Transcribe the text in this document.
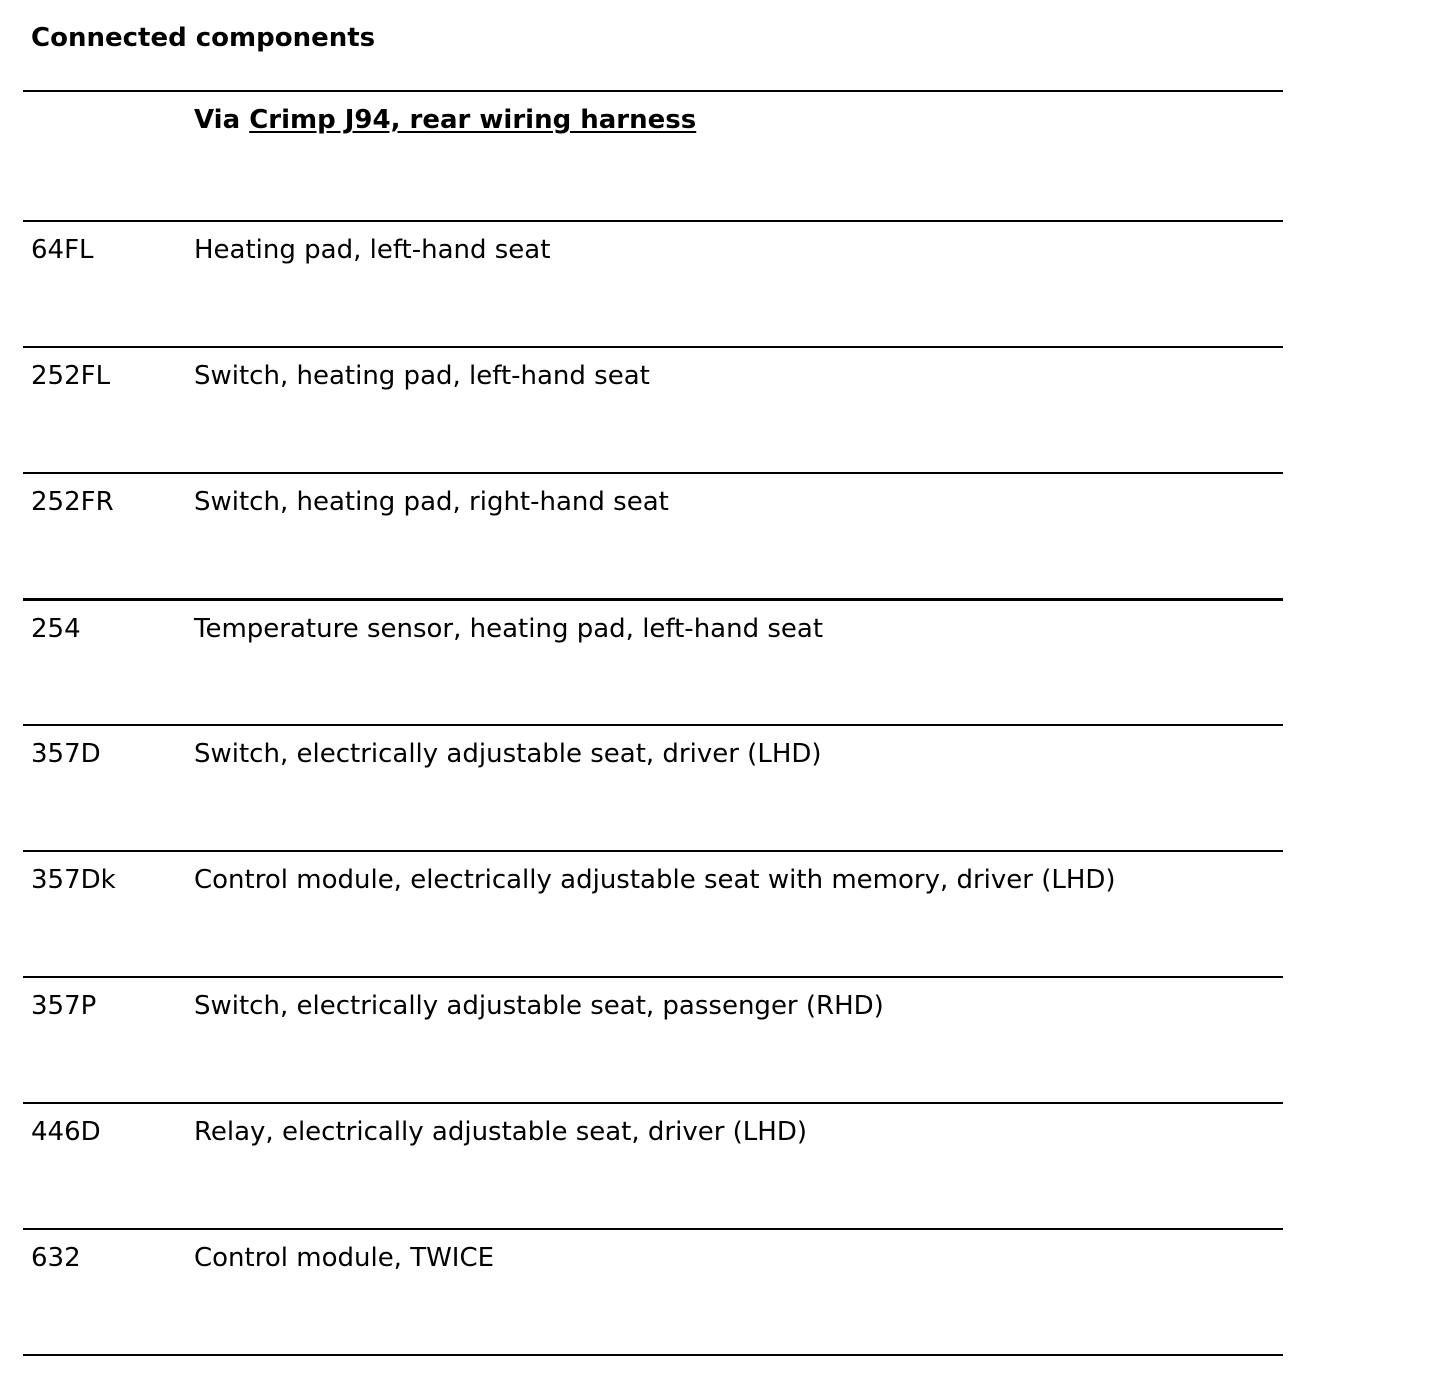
Connected components
Via Crimp J94, rear wiring harness
64FL	Heating pad, left-hand seat
252FL	Switch, heating pad, left-hand seat
252FR	Switch, heating pad, right-hand seat
254	Temperature sensor, heating pad, left-hand seat
357D	Switch, electrically adjustable seat, driver (LHD)
357Dk	Control module, electrically adjustable seat with memory, driver (LHD)
357P	Switch, electrically adjustable seat, passenger (RHD)
446D	Relay, electrically adjustable seat, driver (LHD)
632	Control module, TWICE
